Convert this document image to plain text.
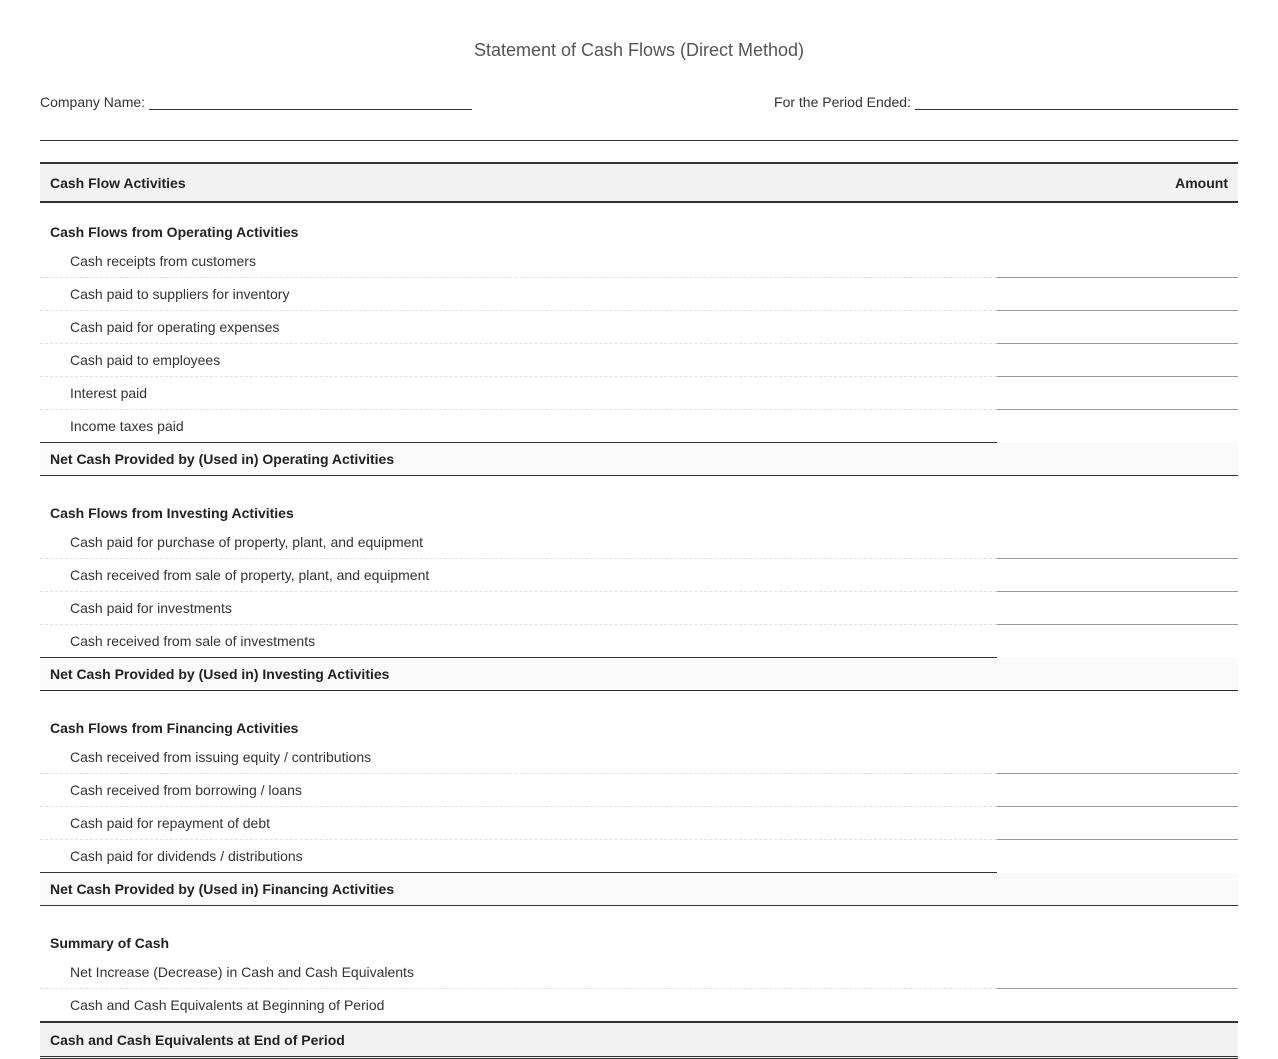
Statement of Cash Flows (Direct Method)
Company Name:	For the Period Ended:
Cash Flow Activities	Amount
Cash Flows from Operating Activities	
Cash receipts from customers	
Cash paid to suppliers for inventory	
Cash paid for operating expenses	
Cash paid to employees	
Interest paid	
Income taxes paid	
Net Cash Provided by (Used in) Operating Activities	
Cash Flows from Investing Activities	
Cash paid for purchase of property, plant, and equipment	
Cash received from sale of property, plant, and equipment	
Cash paid for investments	
Cash received from sale of investments	
Net Cash Provided by (Used in) Investing Activities	
Cash Flows from Financing Activities	
Cash received from issuing equity / contributions	
Cash received from borrowing / loans	
Cash paid for repayment of debt	
Cash paid for dividends / distributions	
Net Cash Provided by (Used in) Financing Activities	
Summary of Cash	
Net Increase (Decrease) in Cash and Cash Equivalents	
Cash and Cash Equivalents at Beginning of Period	
Cash and Cash Equivalents at End of Period	
